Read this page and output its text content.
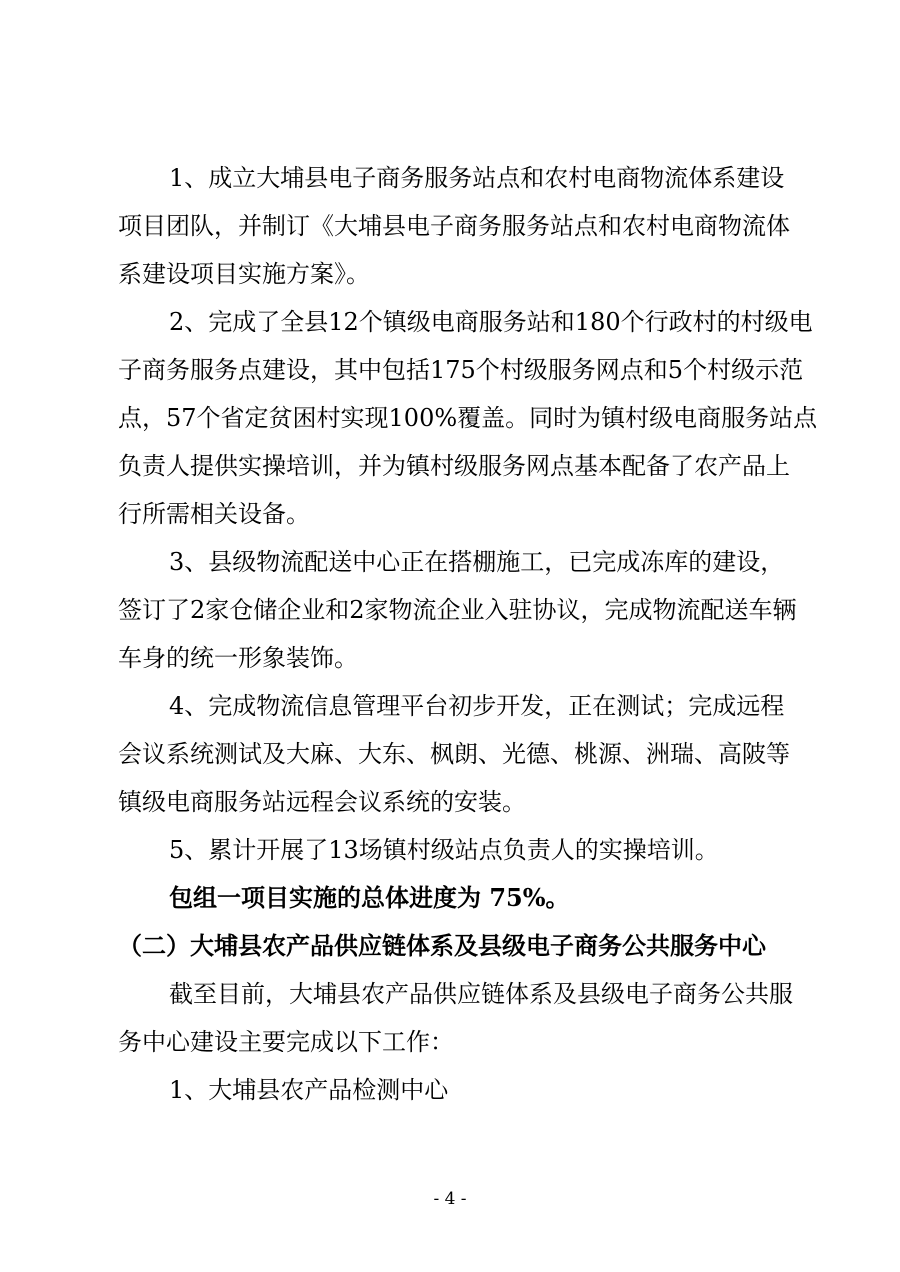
1、成立大埔县电子商务服务站点和农村电商物流体系建设
项目团队，并制订《大埔县电子商务服务站点和农村电商物流体
系建设项目实施方案》。
2、完成了全县12个镇级电商服务站和180个行政村的村级电
子商务服务点建设，其中包括175个村级服务网点和5个村级示范
点，57个省定贫困村实现100%覆盖。同时为镇村级电商服务站点
负责人提供实操培训，并为镇村级服务网点基本配备了农产品上
行所需相关设备。
3、县级物流配送中心正在搭棚施工，已完成冻库的建设，
签订了2家仓储企业和2家物流企业入驻协议，完成物流配送车辆
车身的统一形象装饰。
4、完成物流信息管理平台初步开发，正在测试；完成远程
会议系统测试及大麻、大东、枫朗、光德、桃源、洲瑞、高陂等
镇级电商服务站远程会议系统的安装。
5、累计开展了13场镇村级站点负责人的实操培训。
包组一项目实施的总体进度为 75%。
（二）大埔县农产品供应链体系及县级电子商务公共服务中心
截至目前，大埔县农产品供应链体系及县级电子商务公共服
务中心建设主要完成以下工作：
1、大埔县农产品检测中心
- 4 -
